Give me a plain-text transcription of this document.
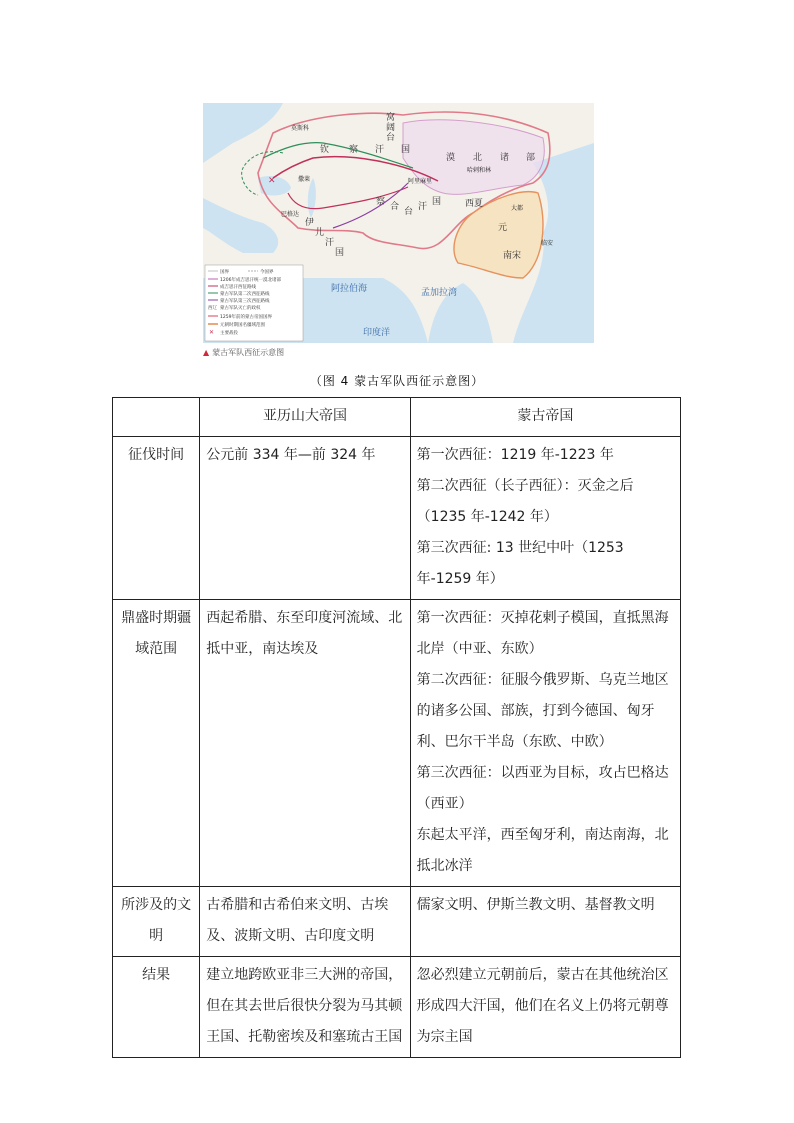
莫斯科
钦 察 汗 国
漠 北 诸 部
哈剌和林
阿里麻里
撒莱
察 合 台 汗 国	西夏	大都
元
临安
南宋
巴格达
伊
儿
汗
国
窝
阔
台
阿拉伯海	孟加拉湾
印度洋
✕
国界	今国界
1206年成吉思汗统一漠北诸部
成吉思汗西征路线
蒙古军队第二次西征路线
蒙古军队第三次西征路线
西辽 蒙古军队灭亡的政权
1259年前的蒙古帝国国界
元朝时期国名疆域范围
✕ 主要战役
▲ 蒙古军队西征示意图
（图 4 蒙古军队西征示意图）
	亚历山大帝国	蒙古帝国
征伐时间	公元前 334 年—前 324 年	第一次西征：1219 年-1223 年
第二次西征（长子西征）：灭金之后（1235 年-1242 年）
第三次西征: 13 世纪中叶（1253 年-1259 年）

鼎盛时期疆域范围	西起希腊、东至印度河流域、北抵中亚，南达埃及	第一次西征：灭掉花剌子模国，直抵黑海北岸（中亚、东欧）
第二次西征：征服今俄罗斯、乌克兰地区的诸多公国、部族，打到今德国、匈牙利、巴尔干半岛（东欧、中欧）
第三次西征：以西亚为目标，攻占巴格达（西亚）
东起太平洋，西至匈牙利，南达南海，北抵北冰洋

所涉及的文明	古希腊和古希伯来文明、古埃及、波斯文明、古印度文明	儒家文明、伊斯兰教文明、基督教文明

结果	建立地跨欧亚非三大洲的帝国，但在其去世后很快分裂为马其顿王国、托勒密埃及和塞琉古王国	忽必烈建立元朝前后，蒙古在其他统治区形成四大汗国，他们在名义上仍将元朝尊为宗主国
